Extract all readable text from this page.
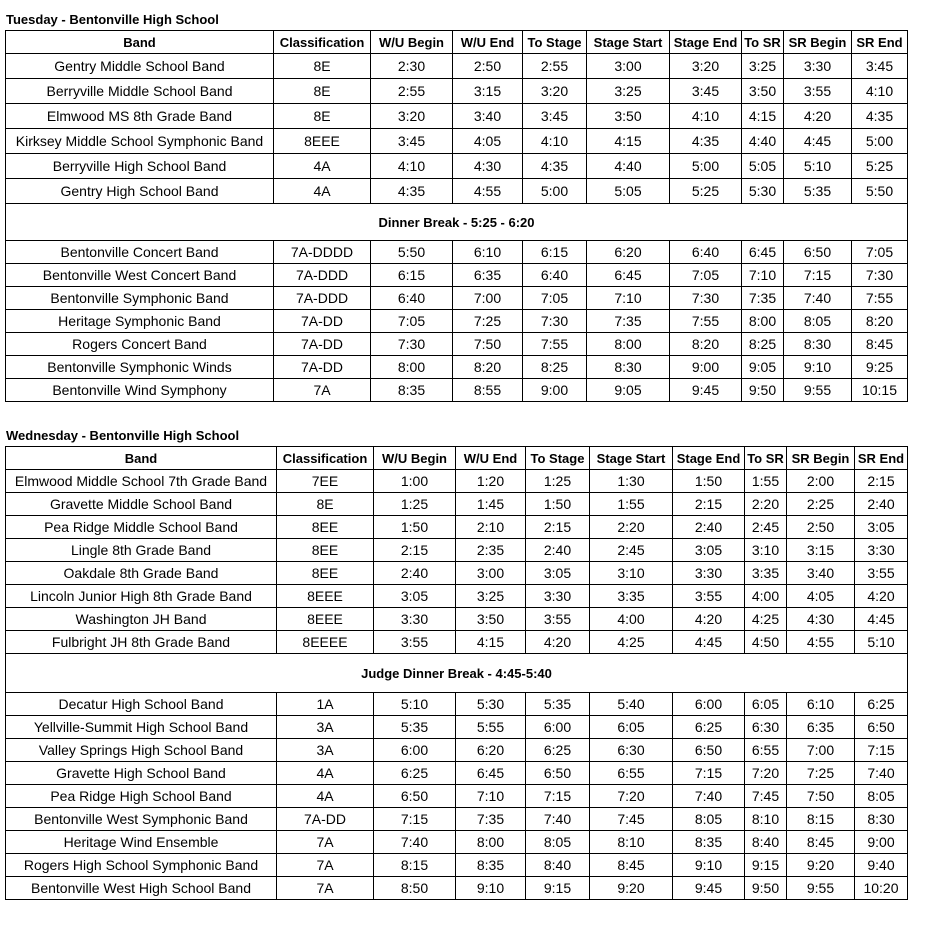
Tuesday - Bentonville High School
Band	Classification	W/U Begin	W/U End	To Stage	Stage Start	Stage End	To SR	SR Begin	SR End
Gentry Middle School Band	8E	2:30	2:50	2:55	3:00	3:20	3:25	3:30	3:45
Berryville Middle School Band	8E	2:55	3:15	3:20	3:25	3:45	3:50	3:55	4:10
Elmwood MS 8th Grade Band	8E	3:20	3:40	3:45	3:50	4:10	4:15	4:20	4:35
Kirksey Middle School Symphonic Band	8EEE	3:45	4:05	4:10	4:15	4:35	4:40	4:45	5:00
Berryville High School Band	4A	4:10	4:30	4:35	4:40	5:00	5:05	5:10	5:25
Gentry High School Band	4A	4:35	4:55	5:00	5:05	5:25	5:30	5:35	5:50
Dinner Break - 5:25 - 6:20									
Bentonville Concert Band	7A-DDDD	5:50	6:10	6:15	6:20	6:40	6:45	6:50	7:05
Bentonville West Concert Band	7A-DDD	6:15	6:35	6:40	6:45	7:05	7:10	7:15	7:30
Bentonville Symphonic Band	7A-DDD	6:40	7:00	7:05	7:10	7:30	7:35	7:40	7:55
Heritage Symphonic Band	7A-DD	7:05	7:25	7:30	7:35	7:55	8:00	8:05	8:20
Rogers Concert Band	7A-DD	7:30	7:50	7:55	8:00	8:20	8:25	8:30	8:45
Bentonville Symphonic Winds	7A-DD	8:00	8:20	8:25	8:30	9:00	9:05	9:10	9:25
Bentonville Wind Symphony	7A	8:35	8:55	9:00	9:05	9:45	9:50	9:55	10:15
Wednesday - Bentonville High School
Band	Classification	W/U Begin	W/U End	To Stage	Stage Start	Stage End	To SR	SR Begin	SR End
Elmwood Middle School 7th Grade Band	7EE	1:00	1:20	1:25	1:30	1:50	1:55	2:00	2:15
Gravette Middle School Band	8E	1:25	1:45	1:50	1:55	2:15	2:20	2:25	2:40
Pea Ridge Middle School Band	8EE	1:50	2:10	2:15	2:20	2:40	2:45	2:50	3:05
Lingle 8th Grade Band	8EE	2:15	2:35	2:40	2:45	3:05	3:10	3:15	3:30
Oakdale 8th Grade Band	8EE	2:40	3:00	3:05	3:10	3:30	3:35	3:40	3:55
Lincoln Junior High 8th Grade Band	8EEE	3:05	3:25	3:30	3:35	3:55	4:00	4:05	4:20
Washington JH Band	8EEE	3:30	3:50	3:55	4:00	4:20	4:25	4:30	4:45
Fulbright JH 8th Grade Band	8EEEE	3:55	4:15	4:20	4:25	4:45	4:50	4:55	5:10
Judge Dinner Break - 4:45-5:40									
Decatur High School Band	1A	5:10	5:30	5:35	5:40	6:00	6:05	6:10	6:25
Yellville-Summit High School Band	3A	5:35	5:55	6:00	6:05	6:25	6:30	6:35	6:50
Valley Springs High School Band	3A	6:00	6:20	6:25	6:30	6:50	6:55	7:00	7:15
Gravette High School Band	4A	6:25	6:45	6:50	6:55	7:15	7:20	7:25	7:40
Pea Ridge High School Band	4A	6:50	7:10	7:15	7:20	7:40	7:45	7:50	8:05
Bentonville West Symphonic Band	7A-DD	7:15	7:35	7:40	7:45	8:05	8:10	8:15	8:30
Heritage Wind Ensemble	7A	7:40	8:00	8:05	8:10	8:35	8:40	8:45	9:00
Rogers High School Symphonic Band	7A	8:15	8:35	8:40	8:45	9:10	9:15	9:20	9:40
Bentonville West High School Band	7A	8:50	9:10	9:15	9:20	9:45	9:50	9:55	10:20
